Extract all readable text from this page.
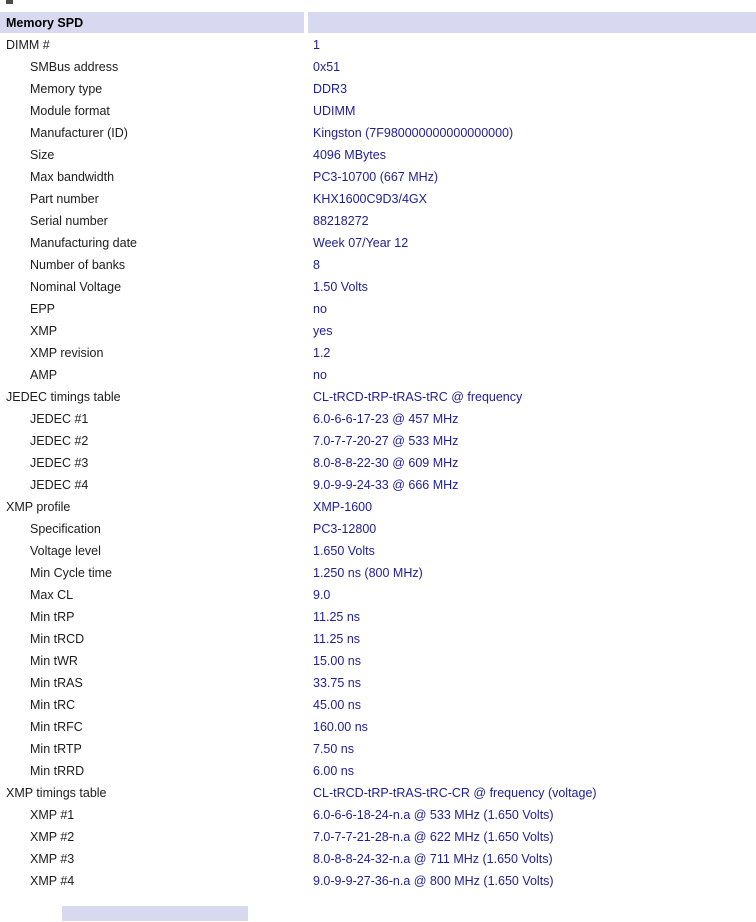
Memory SPD
DIMM #	1
SMBus address	0x51
Memory type	DDR3
Module format	UDIMM
Manufacturer (ID)	Kingston (7F980000000000000000)
Size	4096 MBytes
Max bandwidth	PC3-10700 (667 MHz)
Part number	KHX1600C9D3/4GX
Serial number	88218272
Manufacturing date	Week 07/Year 12
Number of banks	8
Nominal Voltage	1.50 Volts
EPP	no
XMP	yes
XMP revision	1.2
AMP	no
JEDEC timings table	CL-tRCD-tRP-tRAS-tRC @ frequency
JEDEC #1	6.0-6-6-17-23 @ 457 MHz
JEDEC #2	7.0-7-7-20-27 @ 533 MHz
JEDEC #3	8.0-8-8-22-30 @ 609 MHz
JEDEC #4	9.0-9-9-24-33 @ 666 MHz
XMP profile	XMP-1600
Specification	PC3-12800
Voltage level	1.650 Volts
Min Cycle time	1.250 ns (800 MHz)
Max CL	9.0
Min tRP	11.25 ns
Min tRCD	11.25 ns
Min tWR	15.00 ns
Min tRAS	33.75 ns
Min tRC	45.00 ns
Min tRFC	160.00 ns
Min tRTP	7.50 ns
Min tRRD	6.00 ns
XMP timings table	CL-tRCD-tRP-tRAS-tRC-CR @ frequency (voltage)
XMP #1	6.0-6-6-18-24-n.a @ 533 MHz (1.650 Volts)
XMP #2	7.0-7-7-21-28-n.a @ 622 MHz (1.650 Volts)
XMP #3	8.0-8-8-24-32-n.a @ 711 MHz (1.650 Volts)
XMP #4	9.0-9-9-27-36-n.a @ 800 MHz (1.650 Volts)
